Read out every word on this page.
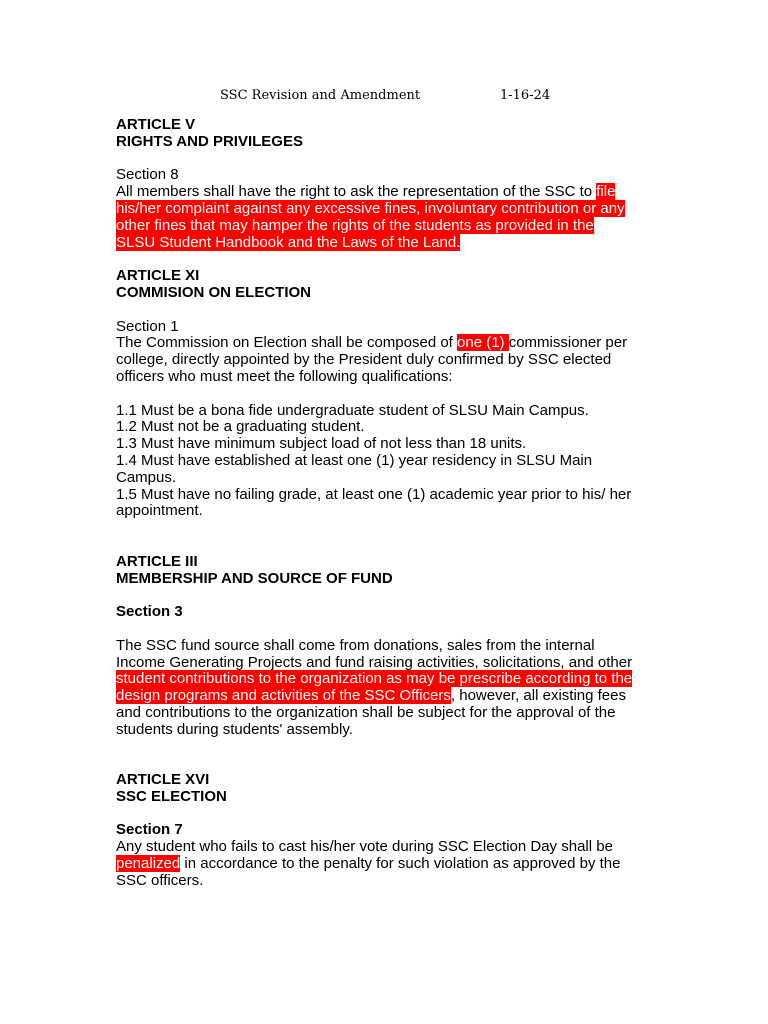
SSC Revision and Amendment	1-16-24
ARTICLE V
RIGHTS AND PRIVILEGES
Section 8
All members shall have the right to ask the representation of the SSC to file his/her complaint against any excessive fines, involuntary contribution or any other fines that may hamper the rights of the students as provided in the SLSU Student Handbook and the Laws of the Land.
ARTICLE XI
COMMISION ON ELECTION
Section 1
The Commission on Election shall be composed of one (1) commissioner per college, directly appointed by the President duly confirmed by SSC elected officers who must meet the following qualifications:
1.1 Must be a bona fide undergraduate student of SLSU Main Campus.
1.2 Must not be a graduating student.
1.3 Must have minimum subject load of not less than 18 units.
1.4 Must have established at least one (1) year residency in SLSU Main Campus.
1.5 Must have no failing grade, at least one (1) academic year prior to his/ her appointment.
ARTICLE III
MEMBERSHIP AND SOURCE OF FUND
Section 3
The SSC fund source shall come from donations, sales from the internal Income Generating Projects and fund raising activities, solicitations, and other student contributions to the organization as may be prescribe according to the design programs and activities of the SSC Officers, however, all existing fees and contributions to the organization shall be subject for the approval of the students during students' assembly.
ARTICLE XVI
SSC ELECTION
Section 7
Any student who fails to cast his/her vote during SSC Election Day shall be penalized in accordance to the penalty for such violation as approved by the SSC officers.
